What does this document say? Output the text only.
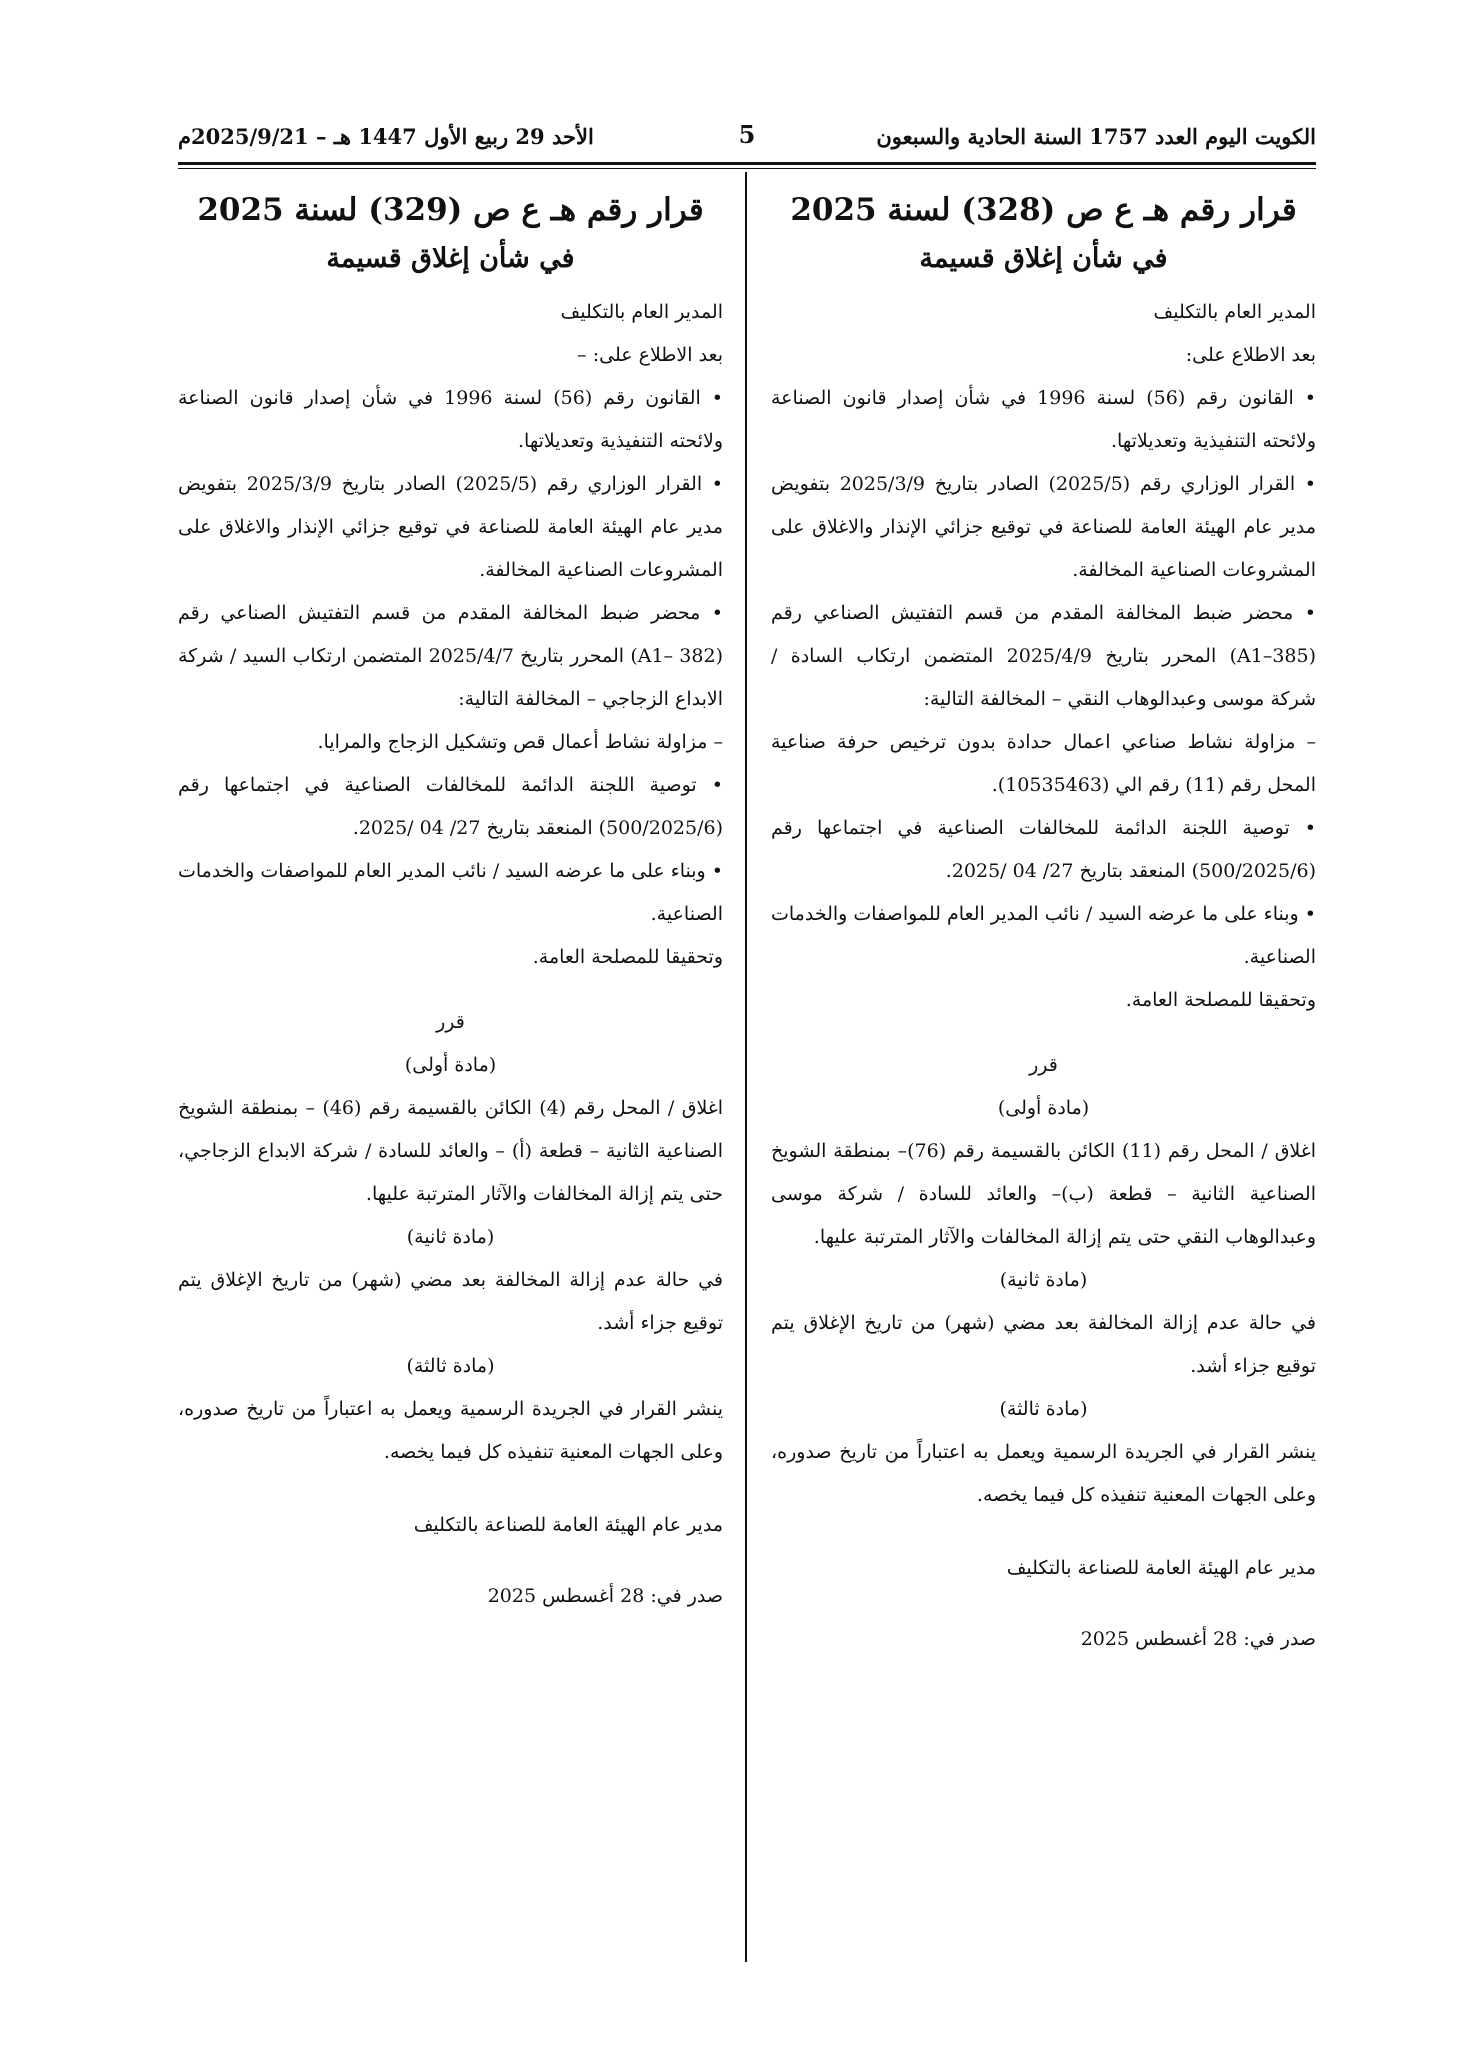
الكويت اليوم العدد 1757 السنة الحادية والسبعون
5
الأحد 29 ربيع الأول 1447 هـ – 2025/9/21م

قرار رقم هـ ع ص (328) لسنة 2025

في شأن إغلاق قسيمة

المدير العام بالتكليف

بعد الاطلاع على:

• القانون رقم (56) لسنة 1996 في شأن إصدار قانون الصناعة ولائحته التنفيذية وتعديلاتها.

• القرار الوزاري رقم (2025/5) الصادر بتاريخ 2025/3/9 بتفويض مدير عام الهيئة العامة للصناعة في توقيع جزائي الإنذار والاغلاق على المشروعات الصناعية المخالفة.

• محضر ضبط المخالفة المقدم من قسم التفتيش الصناعي رقم (A1–385) المحرر بتاريخ 2025/4/9 المتضمن ارتكاب السادة / شركة موسى وعبدالوهاب النقي – المخالفة التالية:

– مزاولة نشاط صناعي اعمال حدادة بدون ترخيص حرفة صناعية المحل رقم (11) رقم الي (10535463).

• توصية اللجنة الدائمة للمخالفات الصناعية في اجتماعها رقم (500/2025/6) المنعقد بتاريخ 27/ 04 /2025.

• وبناء على ما عرضه السيد / نائب المدير العام للمواصفات والخدمات الصناعية.

وتحقيقا للمصلحة العامة.

قرر

(مادة أولى)

اغلاق / المحل رقم (11) الكائن بالقسيمة رقم (76)– بمنطقة الشويخ الصناعية الثانية – قطعة (ب)– والعائد للسادة / شركة موسى وعبدالوهاب النقي حتى يتم إزالة المخالفات والآثار المترتبة عليها.

(مادة ثانية)

في حالة عدم إزالة المخالفة بعد مضي (شهر) من تاريخ الإغلاق يتم توقيع جزاء أشد.

(مادة ثالثة)

ينشر القرار في الجريدة الرسمية ويعمل به اعتباراً من تاريخ صدوره، وعلى الجهات المعنية تنفيذه كل فيما يخصه.

مدير عام الهيئة العامة للصناعة بالتكليف

صدر في: 28 أغسطس 2025

قرار رقم هـ ع ص (329) لسنة 2025

في شأن إغلاق قسيمة

المدير العام بالتكليف

بعد الاطلاع على: –

• القانون رقم (56) لسنة 1996 في شأن إصدار قانون الصناعة ولائحته التنفيذية وتعديلاتها.

• القرار الوزاري رقم (2025/5) الصادر بتاريخ 2025/3/9 بتفويض مدير عام الهيئة العامة للصناعة في توقيع جزائي الإنذار والاغلاق على المشروعات الصناعية المخالفة.

• محضر ضبط المخالفة المقدم من قسم التفتيش الصناعي رقم (A1– 382) المحرر بتاريخ 2025/4/7 المتضمن ارتكاب السيد / شركة الابداع الزجاجي – المخالفة التالية:

– مزاولة نشاط أعمال قص وتشكيل الزجاج والمرايا.

• توصية اللجنة الدائمة للمخالفات الصناعية في اجتماعها رقم (500/2025/6) المنعقد بتاريخ 27/ 04 /2025.

• وبناء على ما عرضه السيد / نائب المدير العام للمواصفات والخدمات الصناعية.

وتحقيقا للمصلحة العامة.

قرر

(مادة أولى)

اغلاق / المحل رقم (4) الكائن بالقسيمة رقم (46) – بمنطقة الشويخ الصناعية الثانية – قطعة (أ) – والعائد للسادة / شركة الابداع الزجاجي، حتى يتم إزالة المخالفات والآثار المترتبة عليها.

(مادة ثانية)

في حالة عدم إزالة المخالفة بعد مضي (شهر) من تاريخ الإغلاق يتم توقيع جزاء أشد.

(مادة ثالثة)

ينشر القرار في الجريدة الرسمية ويعمل به اعتباراً من تاريخ صدوره، وعلى الجهات المعنية تنفيذه كل فيما يخصه.

مدير عام الهيئة العامة للصناعة بالتكليف

صدر في: 28 أغسطس 2025
